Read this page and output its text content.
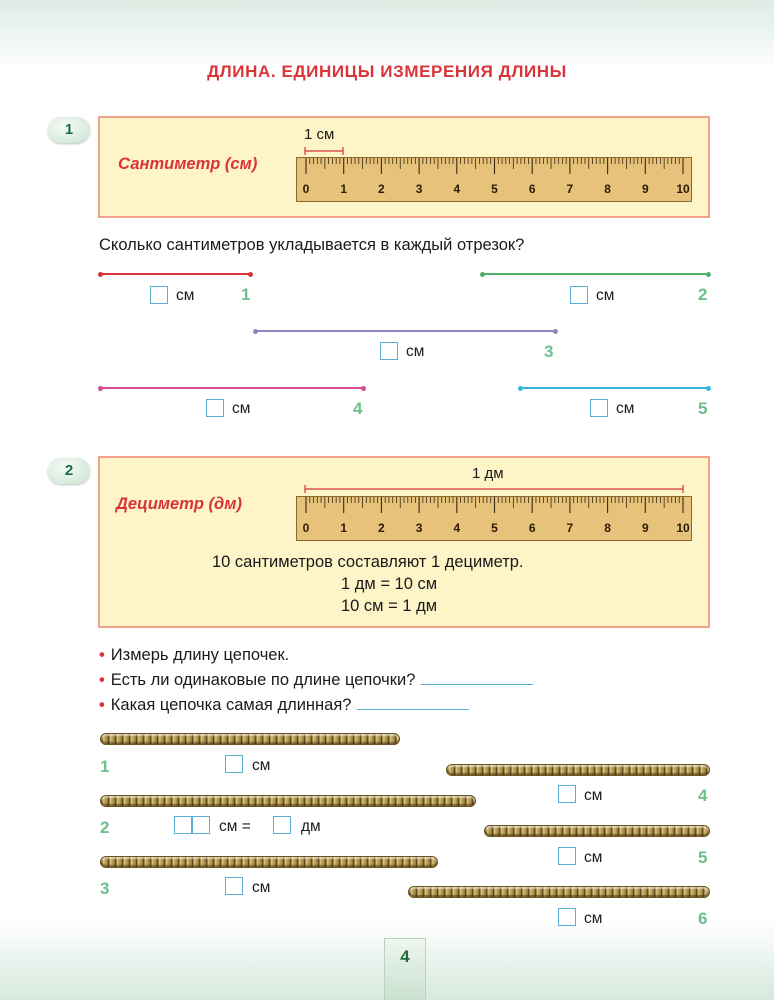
ДЛИНА. ЕДИНИЦЫ ИЗМЕРЕНИЯ ДЛИНЫ
1
Сантиметр (см)
1 см
0	1	2	3	4	5	6	7	8	9	10
Сколько сантиметров укладывается в каждый отрезок?
см	1	см	2
см	3
см	4	см	5
2
Дециметр (дм)
1 дм
0	1	2	3	4	5	6	7	8	9	10
10 сантиметров составляют 1 дециметр.
1 дм = 10 см
10 см = 1 дм
• Измерь длину цепочек.
• Есть ли одинаковые по длине цепочки?
• Какая цепочка самая длинная?
1	см
см	4
2	см =	дм
см	5
3	см
см	6
4
